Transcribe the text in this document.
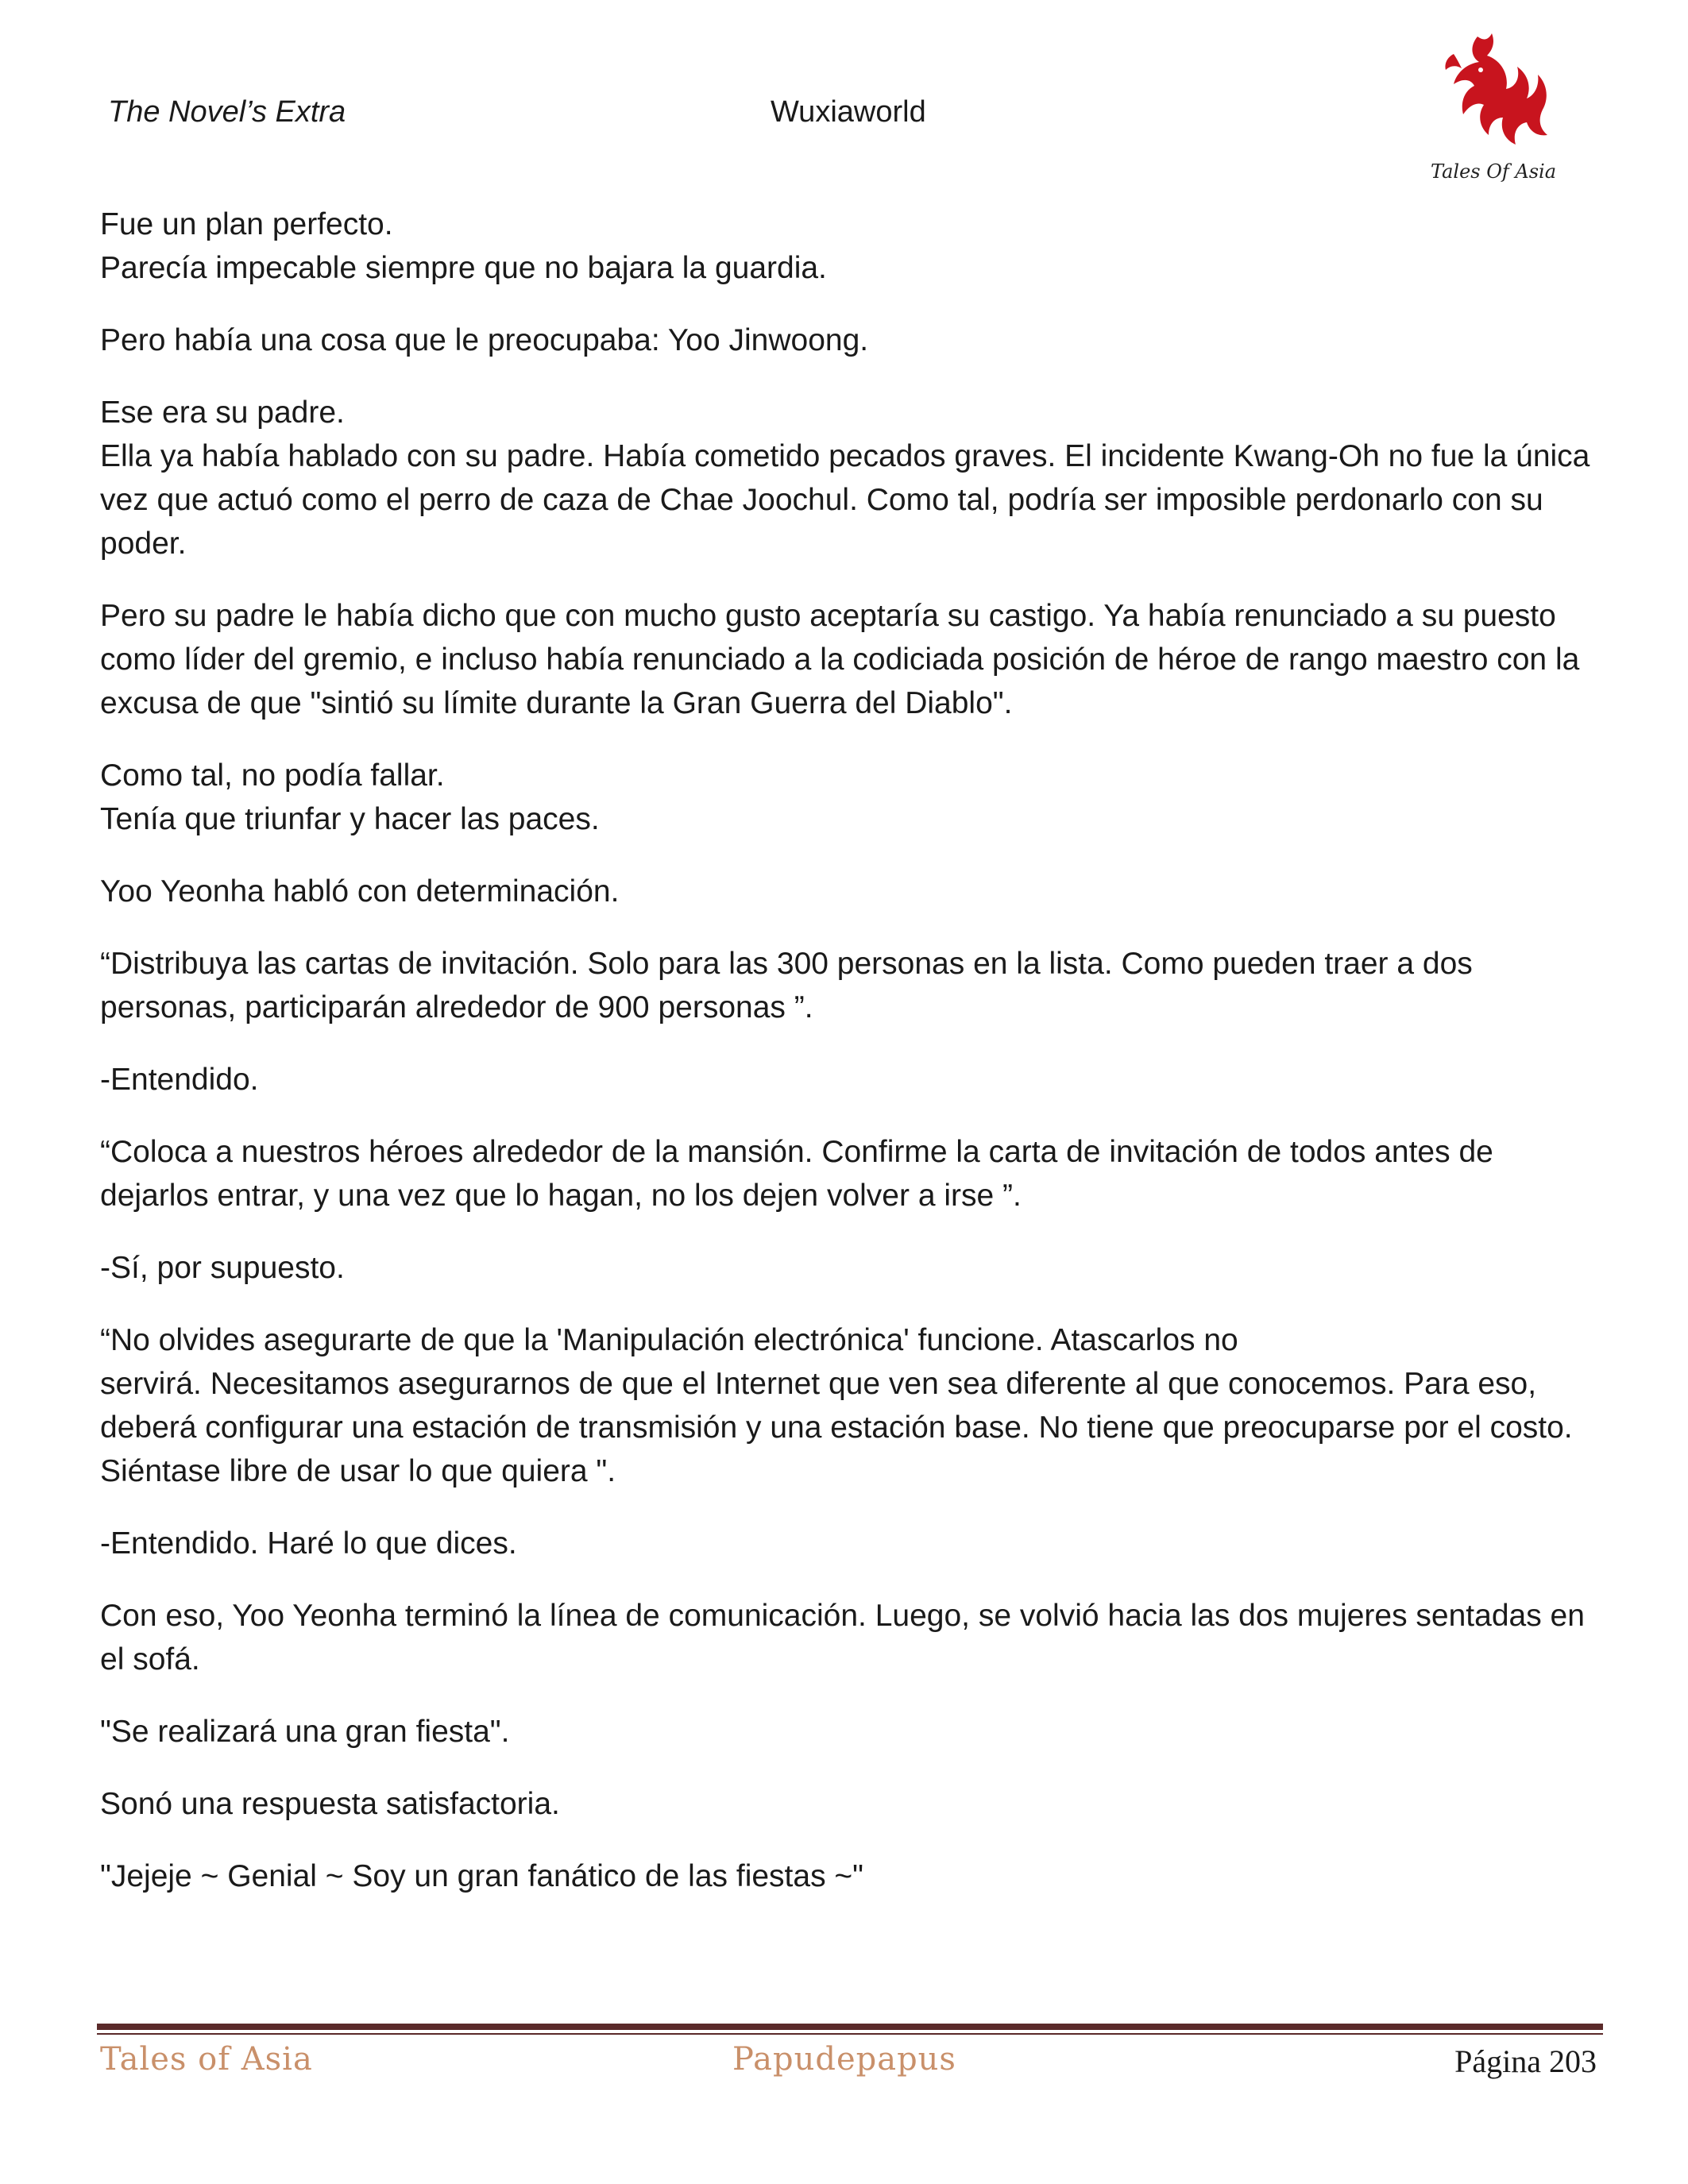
The Novel’s Extra	Wuxiaworld
Tales Of Asia

Fue un plan perfecto.
Parecía impecable siempre que no bajara la guardia.

Pero había una cosa que le preocupaba: Yoo Jinwoong.

Ese era su padre.
Ella ya había hablado con su padre. Había cometido pecados graves. El incidente Kwang-Oh no fue la única vez que actuó como el perro de caza de Chae Joochul. Como tal, podría ser imposible perdonarlo con su poder.

Pero su padre le había dicho que con mucho gusto aceptaría su castigo. Ya había renunciado a su puesto como líder del gremio, e incluso había renunciado a la codiciada posición de héroe de rango maestro con la excusa de que "sintió su límite durante la Gran Guerra del Diablo".

Como tal, no podía fallar.
Tenía que triunfar y hacer las paces.

Yoo Yeonha habló con determinación.

“Distribuya las cartas de invitación. Solo para las 300 personas en la lista. Como pueden traer a dos personas, participarán alrededor de 900 personas ”.

-Entendido.

“Coloca a nuestros héroes alrededor de la mansión. Confirme la carta de invitación de todos antes de dejarlos entrar, y una vez que lo hagan, no los dejen volver a irse ”.

-Sí, por supuesto.

“No olvides asegurarte de que la 'Manipulación electrónica' funcione. Atascarlos no
servirá. Necesitamos asegurarnos de que el Internet que ven sea diferente al que conocemos. Para eso, deberá configurar una estación de transmisión y una estación base. No tiene que preocuparse por el costo. Siéntase libre de usar lo que quiera ".

-Entendido. Haré lo que dices.

Con eso, Yoo Yeonha terminó la línea de comunicación. Luego, se volvió hacia las dos mujeres sentadas en el sofá.

"Se realizará una gran fiesta".

Sonó una respuesta satisfactoria.

"Jejeje ~ Genial ~ Soy un gran fanático de las fiestas ~"

Tales of Asia	Papudepapus	Página 203
